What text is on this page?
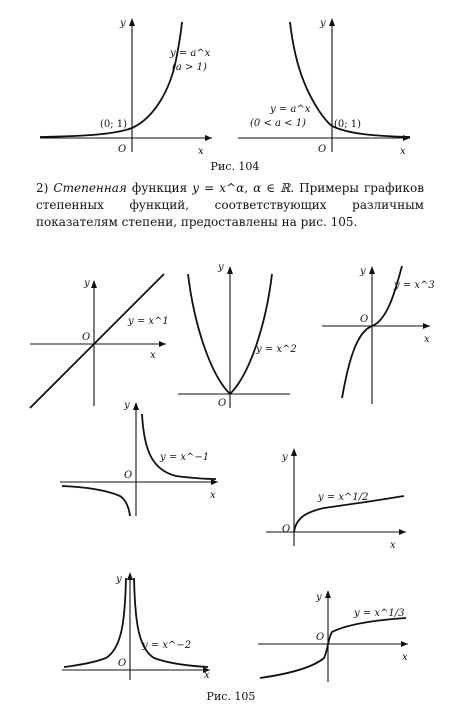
x
y
O
(0; 1)
y = a^x
(a > 1)
x
y
O
(0; 1)
y = a^x
(0 < a < 1)
Рис. 104
2) Степенная функция y = x^α, α ∈ ℝ. Примеры графиков степенных функций, соответствующих различным показателям степени, предоставлены на рис. 105.
x
y
O
y = x^1
y
O
y = x^2
x
y
O
y = x^3
x
y
O
y = x^−1
x
y
O
y = x^1/2
x
y
O
y = x^−2
x
y
O
y = x^1/3
Рис. 105
